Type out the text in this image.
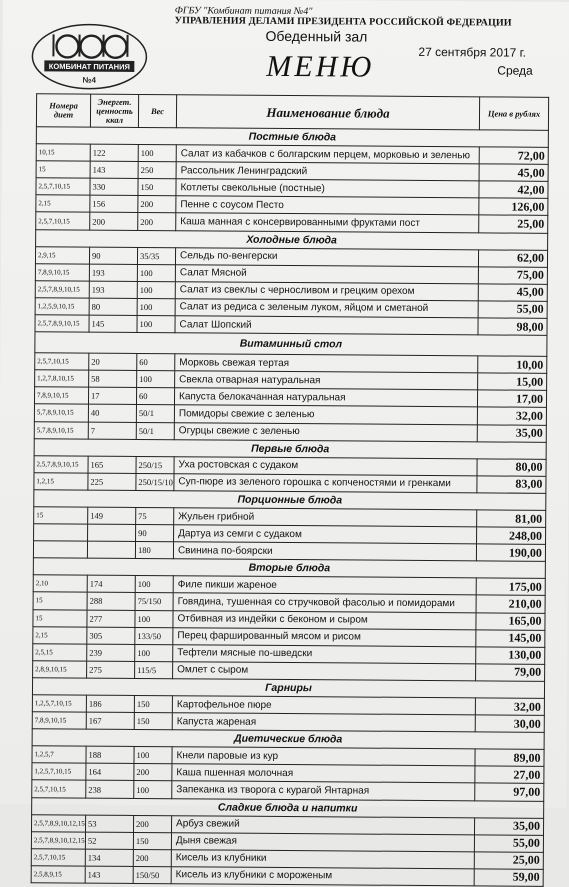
КОМБИНАТ ПИТАНИЯ
№4
ФГБУ "Комбинат питания №4"
УПРАВЛЕНИЯ ДЕЛАМИ ПРЕЗИДЕНТА РОССИЙСКОЙ ФЕДЕРАЦИИ
Обеденный зал
МЕНЮ	27 сентября 2017 г.
Среда
Номера диет	Энергет. ценность ккал	Вес	Наименование блюда	Цена в рублях
Постные блюда				
10,15	122	100	Салат из кабачков с болгарским перцем, морковью и зеленью	72,00
15	143	250	Рассольник Ленинградский	45,00
2,5,7,10,15	330	150	Котлеты свекольные (постные)	42,00
2,15	156	200	Пенне с соусом Песто	126,00
2,5,7,10,15	200	200	Каша манная с консервированными фруктами пост	25,00
Холодные блюда				
2,9,15	90	35/35	Сельдь по-венгерски	62,00
7,8,9,10,15	193	100	Салат Мясной	75,00
2,5,7,8,9,10,15	193	100	Салат из свеклы с черносливом и грецким орехом	45,00
1,2,5,9,10,15	80	100	Салат из редиса с зеленым луком, яйцом и сметаной	55,00
2,5,7,8,9,10,15	145	100	Салат Шопский	98,00
Витаминный стол				
2,5,7,10,15	20	60	Морковь свежая тертая	10,00
1,2,7,8,10,15	58	100	Свекла отварная натуральная	15,00
7,8,9,10,15	17	60	Капуста белокачанная натуральная	17,00
5,7,8,9,10,15	40	50/1	Помидоры свежие с зеленью	32,00
5,7,8,9,10,15	7	50/1	Огурцы свежие с зеленью	35,00
Первые блюда				
2,5,7,8,9,10,15	165	250/15	Уха ростовская с судаком	80,00
1,2,15	225	250/15/10	Суп-пюре из зеленого горошка с копченостями и гренками	83,00
Порционные блюда				
15	149	75	Жульен грибной	81,00
		90	Дартуа из семги с судаком	248,00
		180	Свинина по-боярски	190,00
Вторые блюда				
2,10	174	100	Филе пикши жареное	175,00
15	288	75/150	Говядина, тушенная со стручковой фасолью и помидорами	210,00
15	277	100	Отбивная из индейки с беконом и сыром	165,00
2,15	305	133/50	Перец фаршированный мясом и рисом	145,00
2,5,15	239	100	Тефтели мясные по-шведски	130,00
2,8,9,10,15	275	115/5	Омлет с сыром	79,00
Гарниры				
1,2,5,7,10,15	186	150	Картофельное пюре	32,00
7,8,9,10,15	167	150	Капуста жареная	30,00
Диетические блюда				
1,2,5,7	188	100	Кнели паровые из кур	89,00
1,2,5,7,10,15	164	200	Каша пшенная молочная	27,00
2,5,7,10,15	238	100	Запеканка из творога с курагой Янтарная	97,00
Сладкие блюда и напитки				
2,5,7,8,9,10,12,15	53	200	Арбуз свежий	35,00
2,5,7,8,9,10,12,15	52	150	Дыня свежая	55,00
2,5,7,10,15	134	200	Кисель из клубники	25,00
2,5,8,9,15	143	150/50	Кисель из клубники с мороженым	59,00
